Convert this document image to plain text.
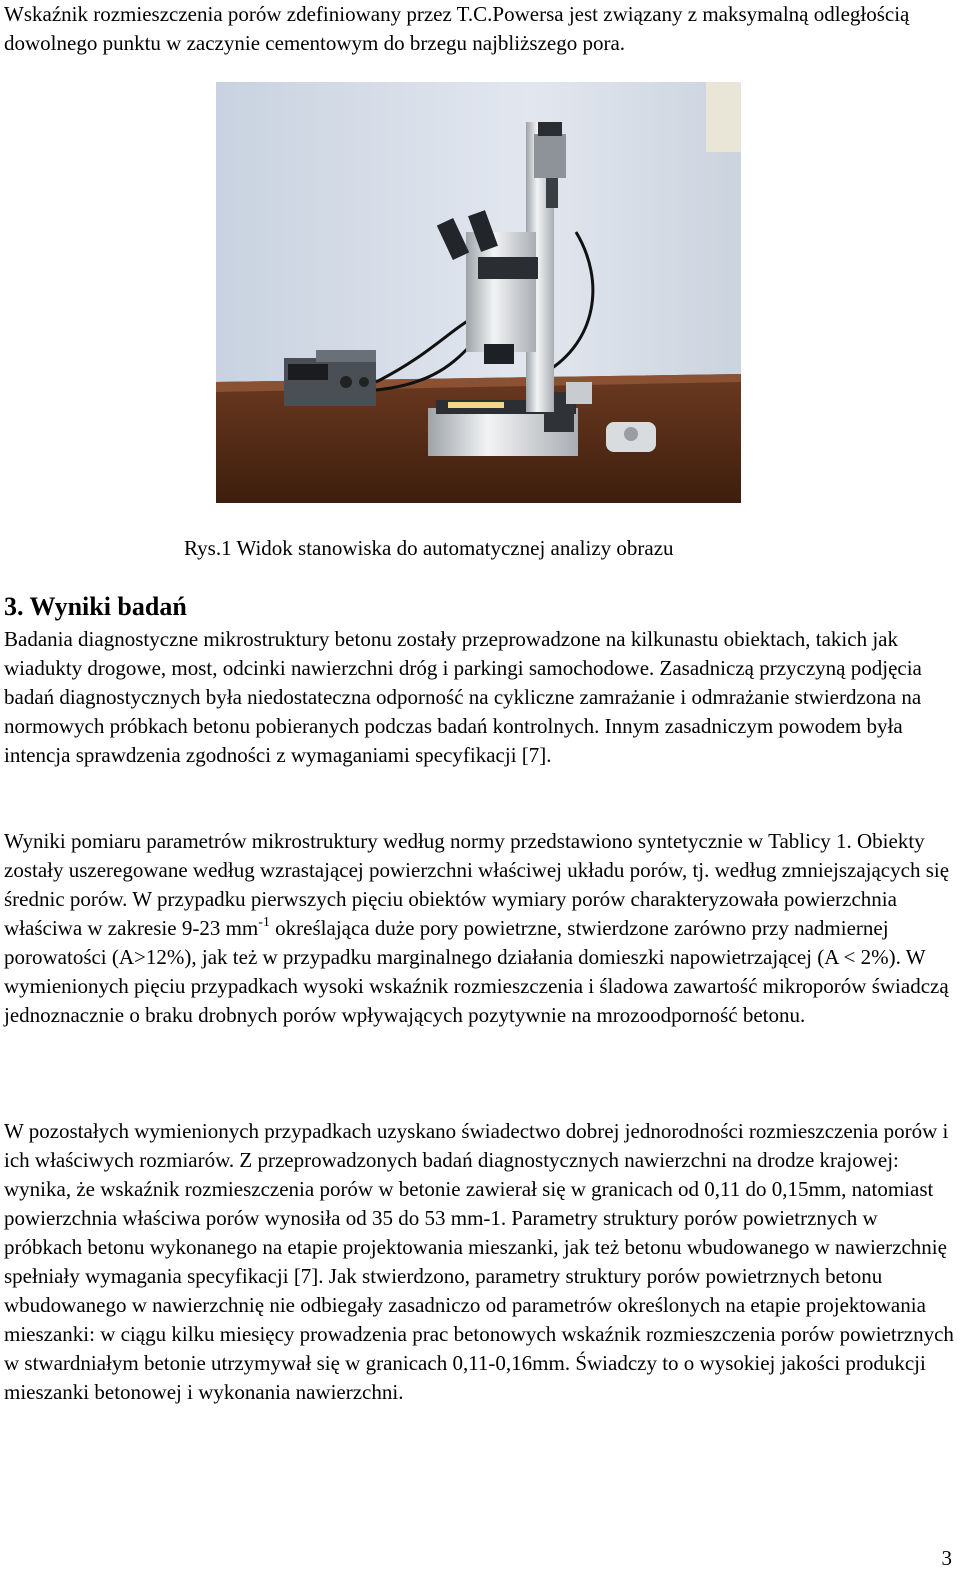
Wskaźnik rozmieszczenia porów zdefiniowany przez T.C.Powersa jest związany z maksymalną odległością dowolnego punktu w zaczynie cementowym do brzegu najbliższego pora.

Rys.1 Widok stanowiska do automatycznej analizy obrazu
3. Wyniki badań

Badania diagnostyczne mikrostruktury betonu zostały przeprowadzone na kilkunastu obiektach, takich jak wiadukty drogowe, most, odcinki nawierzchni dróg i parkingi samochodowe. Zasadniczą przyczyną podjęcia badań diagnostycznych była niedostateczna odporność na cykliczne zamrażanie i odmrażanie stwierdzona na normowych próbkach betonu pobieranych podczas badań kontrolnych. Innym zasadniczym powodem była intencja sprawdzenia zgodności z wymaganiami specyfikacji [7].

Wyniki pomiaru parametrów mikrostruktury według normy przedstawiono syntetycznie w Tablicy 1. Obiekty zostały uszeregowane według wzrastającej powierzchni właściwej układu porów, tj. według zmniejszających się średnic porów. W przypadku pierwszych pięciu obiektów wymiary porów charakteryzowała powierzchnia właściwa w zakresie 9-23 $mm^{-1}$ określająca duże pory powietrzne, stwierdzone zarówno przy nadmiernej porowatości (A>12%), jak też w przypadku marginalnego działania domieszki napowietrzającej (A < 2%). W wymienionych pięciu przypadkach wysoki wskaźnik rozmieszczenia i śladowa zawartość mikroporów świadczą jednoznacznie o braku drobnych porów wpływających pozytywnie na mrozoodporność betonu.

W pozostałych wymienionych przypadkach uzyskano świadectwo dobrej jednorodności rozmieszczenia porów i ich właściwych rozmiarów. Z przeprowadzonych badań diagnostycznych nawierzchni na drodze krajowej: wynika, że wskaźnik rozmieszczenia porów w betonie zawierał się w granicach od 0,11 do 0,15mm, natomiast powierzchnia właściwa porów wynosiła od 35 do 53 mm-1. Parametry struktury porów powietrznych w próbkach betonu wykonanego na etapie projektowania mieszanki, jak też betonu wbudowanego w nawierzchnię spełniały wymagania specyfikacji [7]. Jak stwierdzono, parametry struktury porów powietrznych betonu wbudowanego w nawierzchnię nie odbiegały zasadniczo od parametrów określonych na etapie projektowania mieszanki: w ciągu kilku miesięcy prowadzenia prac betonowych wskaźnik rozmieszczenia porów powietrznych w stwardniałym betonie utrzymywał się w granicach 0,11-0,16mm. Świadczy to o wysokiej jakości produkcji mieszanki betonowej i wykonania nawierzchni.

3
